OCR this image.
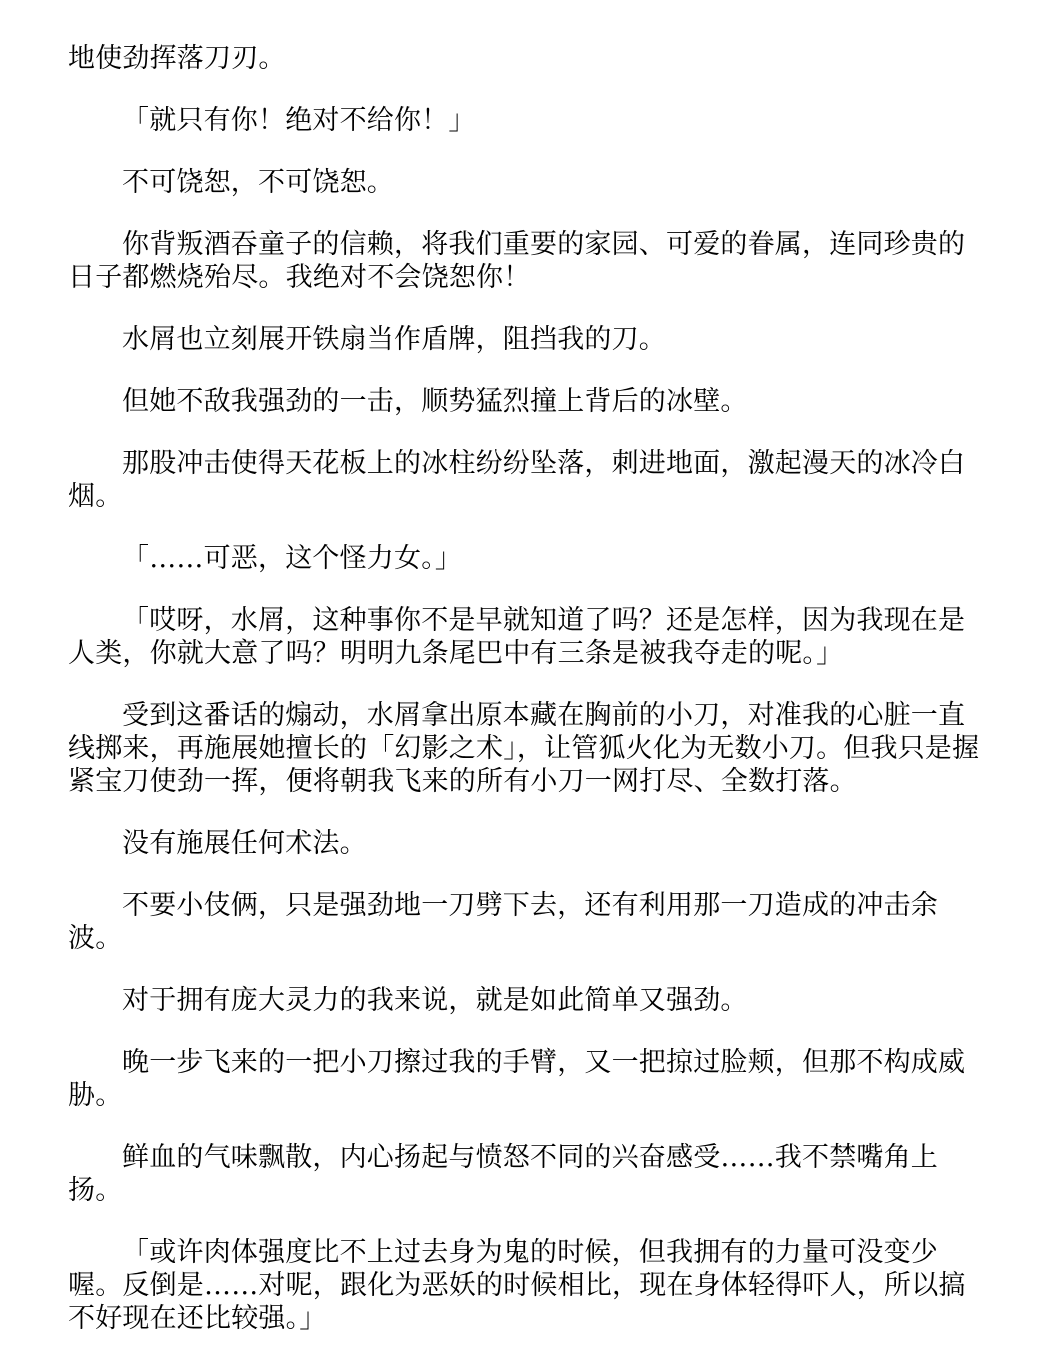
地使劲挥落刀刃。

「就只有你！绝对不给你！」

不可饶恕，不可饶恕。

你背叛酒吞童子的信赖，将我们重要的家园、可爱的眷属，连同珍贵的日子都燃烧殆尽。我绝对不会饶恕你！

水屑也立刻展开铁扇当作盾牌，阻挡我的刀。

但她不敌我强劲的一击，顺势猛烈撞上背后的冰壁。

那股冲击使得天花板上的冰柱纷纷坠落，刺进地面，激起漫天的冰冷白烟。

「……可恶，这个怪力女。」

「哎呀，水屑，这种事你不是早就知道了吗？还是怎样，因为我现在是人类，你就大意了吗？明明九条尾巴中有三条是被我夺走的呢。」

受到这番话的煽动，水屑拿出原本藏在胸前的小刀，对准我的心脏一直线掷来，再施展她擅长的「幻影之术」，让管狐火化为无数小刀。但我只是握紧宝刀使劲一挥，便将朝我飞来的所有小刀一网打尽、全数打落。

没有施展任何术法。

不要小伎俩，只是强劲地一刀劈下去，还有利用那一刀造成的冲击余波。

对于拥有庞大灵力的我来说，就是如此简单又强劲。

晚一步飞来的一把小刀擦过我的手臂，又一把掠过脸颊，但那不构成威胁。

鲜血的气味飘散，内心扬起与愤怒不同的兴奋感受……我不禁嘴角上扬。

「或许肉体强度比不上过去身为鬼的时候，但我拥有的力量可没变少喔。反倒是……对呢，跟化为恶妖的时候相比，现在身体轻得吓人，所以搞不好现在还比较强。」
